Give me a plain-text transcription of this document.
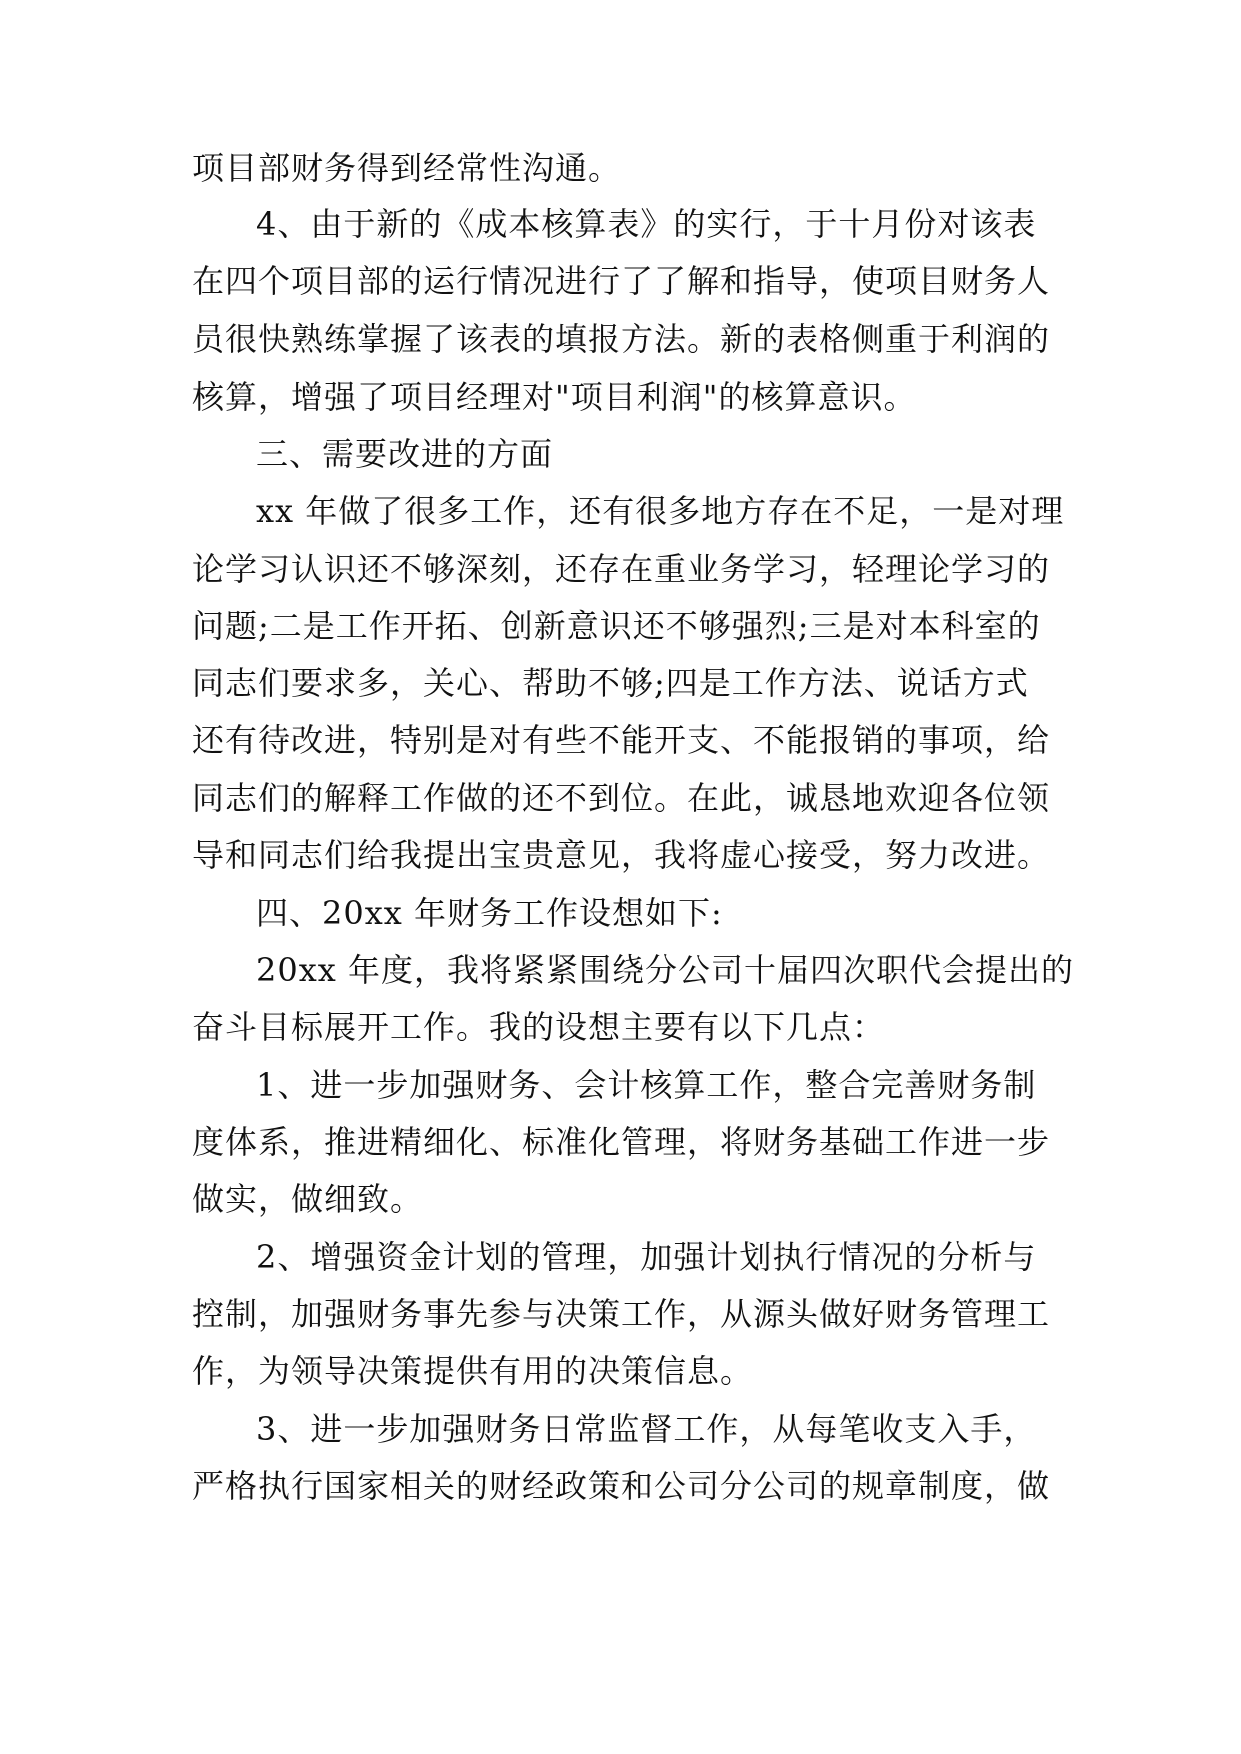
项目部财务得到经常性沟通。
4、由于新的《成本核算表》的实行，于十月份对该表
在四个项目部的运行情况进行了了解和指导，使项目财务人
员很快熟练掌握了该表的填报方法。新的表格侧重于利润的
核算，增强了项目经理对"项目利润"的核算意识。
三、需要改进的方面
xx 年做了很多工作，还有很多地方存在不足，一是对理
论学习认识还不够深刻，还存在重业务学习，轻理论学习的
问题;二是工作开拓、创新意识还不够强烈;三是对本科室的
同志们要求多，关心、帮助不够;四是工作方法、说话方式
还有待改进，特别是对有些不能开支、不能报销的事项，给
同志们的解释工作做的还不到位。在此，诚恳地欢迎各位领
导和同志们给我提出宝贵意见，我将虚心接受，努力改进。
四、20xx 年财务工作设想如下:
20xx 年度，我将紧紧围绕分公司十届四次职代会提出的
奋斗目标展开工作。我的设想主要有以下几点：
1、进一步加强财务、会计核算工作，整合完善财务制
度体系，推进精细化、标准化管理，将财务基础工作进一步
做实，做细致。
2、增强资金计划的管理，加强计划执行情况的分析与
控制，加强财务事先参与决策工作，从源头做好财务管理工
作，为领导决策提供有用的决策信息。
3、进一步加强财务日常监督工作，从每笔收支入手，
严格执行国家相关的财经政策和公司分公司的规章制度，做
